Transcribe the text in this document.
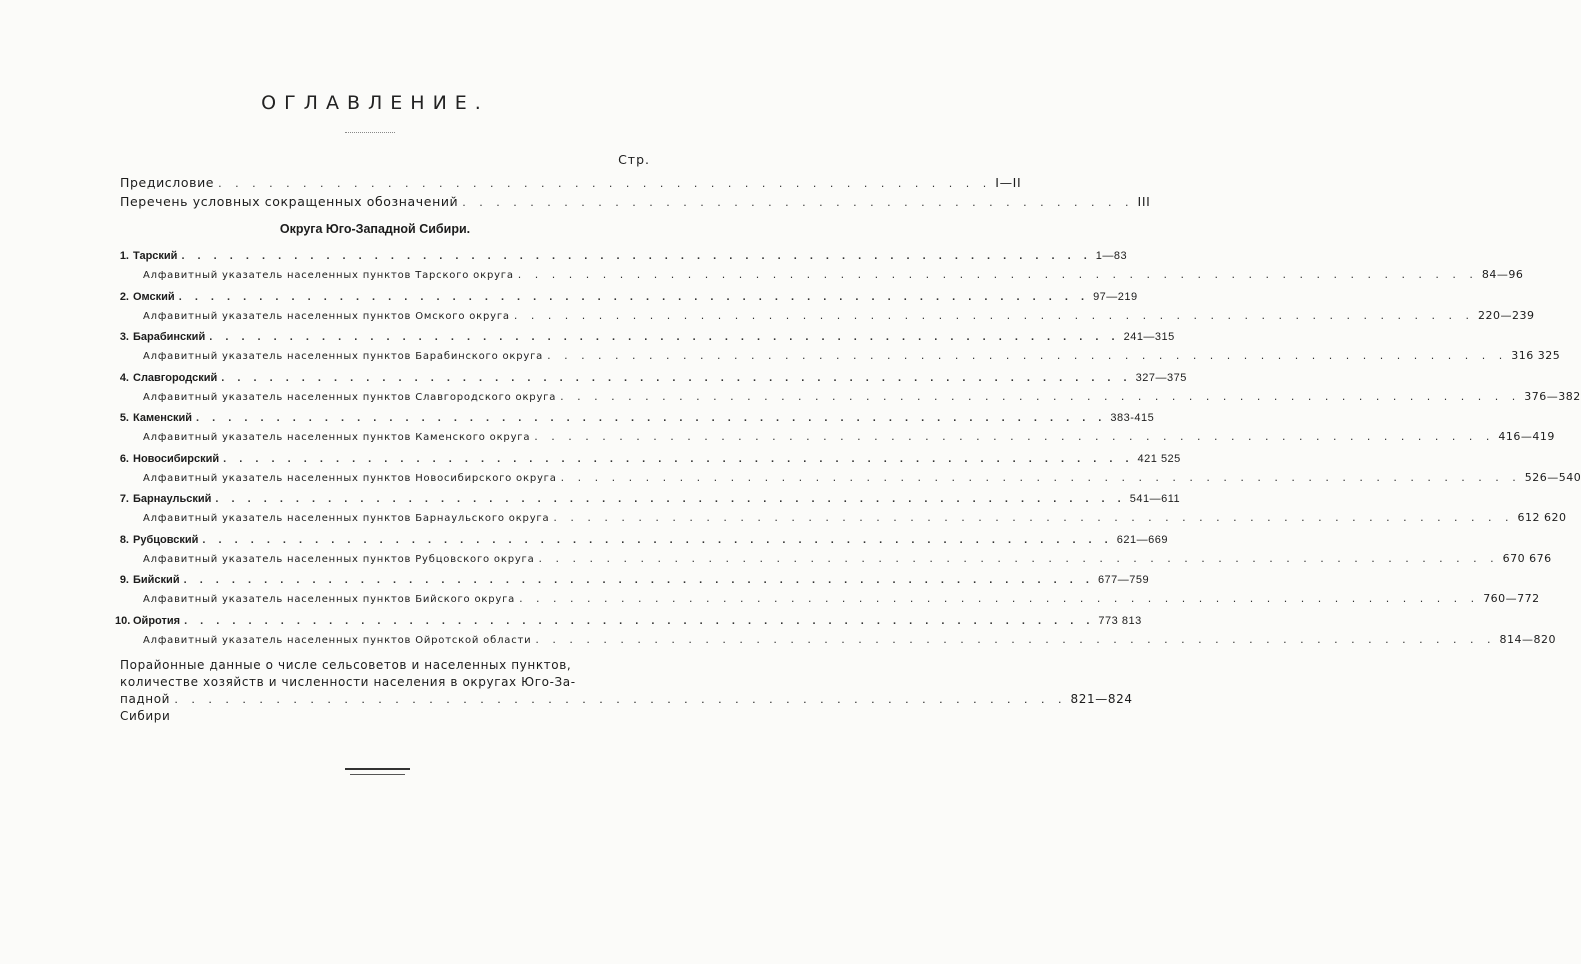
ОГЛАВЛЕНИЕ.
Стр.
Предисловие . . . . . . . . . . . . . . . . . . . . . . . . . . . . . . . . . . . . . . . . . . . . . . I—II
Перечень условных сокращенных обозначений . . . . . . . . . . . . . . . . . . . . . . . . . . . . . . . . . . . . . . . . III
Округа Юго-Западной Сибири.
1. Тарский . . . . . . . . . . . . . . . . . . . . . . . . . . . . . . . . . . . . . . . . . . . . . . . . . . . . . . . . . 1—83
Алфавитный указатель населенных пунктов Тарского округа . . . . . . . . . . . . . . . . . . . . . . . . . . . . . . . . . . . . . . . . . . . . . . . . . . . . . . . . . 84—96
2. Омский . . . . . . . . . . . . . . . . . . . . . . . . . . . . . . . . . . . . . . . . . . . . . . . . . . . . . . . . . 97—219
Алфавитный указатель населенных пунктов Омского округа . . . . . . . . . . . . . . . . . . . . . . . . . . . . . . . . . . . . . . . . . . . . . . . . . . . . . . . . . 220—239
3. Барабинский . . . . . . . . . . . . . . . . . . . . . . . . . . . . . . . . . . . . . . . . . . . . . . . . . . . . . . . . . 241—315
Алфавитный указатель населенных пунктов Барабинского округа . . . . . . . . . . . . . . . . . . . . . . . . . . . . . . . . . . . . . . . . . . . . . . . . . . . . . . . . . 316 325
4. Славгородский . . . . . . . . . . . . . . . . . . . . . . . . . . . . . . . . . . . . . . . . . . . . . . . . . . . . . . . . . 327—375
Алфавитный указатель населенных пунктов Славгородского округа . . . . . . . . . . . . . . . . . . . . . . . . . . . . . . . . . . . . . . . . . . . . . . . . . . . . . . . . . 376—382
5. Каменский . . . . . . . . . . . . . . . . . . . . . . . . . . . . . . . . . . . . . . . . . . . . . . . . . . . . . . . . . 383-415
Алфавитный указатель населенных пунктов Каменского округа . . . . . . . . . . . . . . . . . . . . . . . . . . . . . . . . . . . . . . . . . . . . . . . . . . . . . . . . . 416—419
6. Новосибирский . . . . . . . . . . . . . . . . . . . . . . . . . . . . . . . . . . . . . . . . . . . . . . . . . . . . . . . . . 421 525
Алфавитный указатель населенных пунктов Новосибирского округа . . . . . . . . . . . . . . . . . . . . . . . . . . . . . . . . . . . . . . . . . . . . . . . . . . . . . . . . . 526—540
7. Барнаульский . . . . . . . . . . . . . . . . . . . . . . . . . . . . . . . . . . . . . . . . . . . . . . . . . . . . . . . . . 541—611
Алфавитный указатель населенных пунктов Барнаульского округа . . . . . . . . . . . . . . . . . . . . . . . . . . . . . . . . . . . . . . . . . . . . . . . . . . . . . . . . . 612 620
8. Рубцовский . . . . . . . . . . . . . . . . . . . . . . . . . . . . . . . . . . . . . . . . . . . . . . . . . . . . . . . . . 621—669
Алфавитный указатель населенных пунктов Рубцовского округа . . . . . . . . . . . . . . . . . . . . . . . . . . . . . . . . . . . . . . . . . . . . . . . . . . . . . . . . . 670 676
9. Бийский . . . . . . . . . . . . . . . . . . . . . . . . . . . . . . . . . . . . . . . . . . . . . . . . . . . . . . . . . 677—759
Алфавитный указатель населенных пунктов Бийского округа . . . . . . . . . . . . . . . . . . . . . . . . . . . . . . . . . . . . . . . . . . . . . . . . . . . . . . . . . 760—772
10. Ойротия . . . . . . . . . . . . . . . . . . . . . . . . . . . . . . . . . . . . . . . . . . . . . . . . . . . . . . . . . 773 813
Алфавитный указатель населенных пунктов Ойротской области . . . . . . . . . . . . . . . . . . . . . . . . . . . . . . . . . . . . . . . . . . . . . . . . . . . . . . . . . 814—820
Порайонные данные о числе сельсоветов и населенных пунктов,
количестве хозяйств и численности населения в округах Юго-За-
падной Сибири
. . . . . . . . . . . . . . . . . . . . . . . . . . . . . . . . . . . . . . . . . . . . . . . . . . . . . 821—824
